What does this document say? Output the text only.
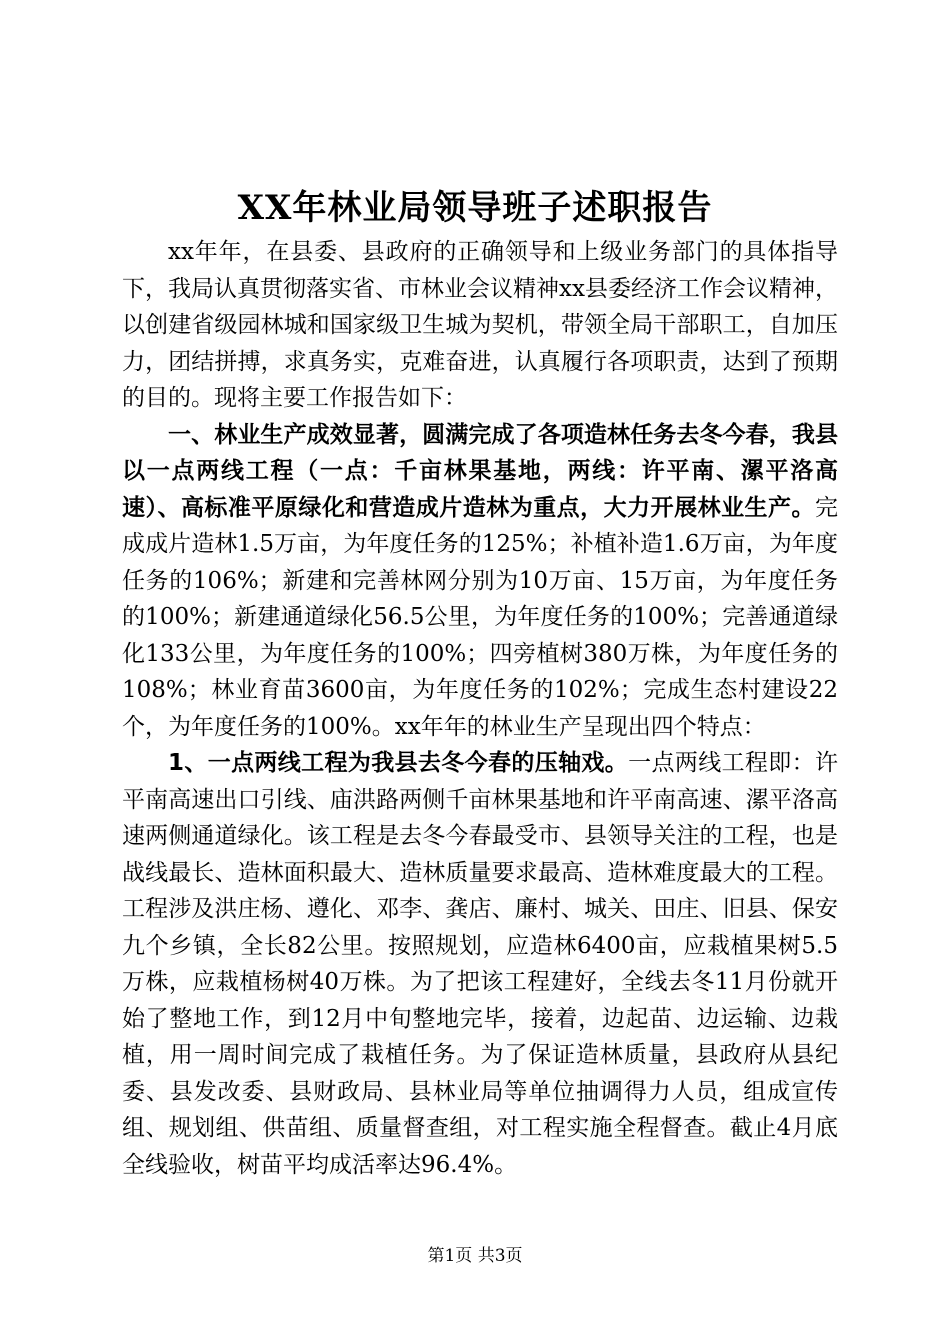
XX年林业局领导班子述职报告

xx年年，在县委、县政府的正确领导和上级业务部门的具体指导下，我局认真贯彻落实省、市林业会议精神xx县委经济工作会议精神，以创建省级园林城和国家级卫生城为契机，带领全局干部职工，自加压力，团结拼搏，求真务实，克难奋进，认真履行各项职责，达到了预期的目的。现将主要工作报告如下：

一、林业生产成效显著，圆满完成了各项造林任务去冬今春，我县以一点两线工程（一点：千亩林果基地，两线：许平南、漯平洛高速）、高标准平原绿化和营造成片造林为重点，大力开展林业生产。完成成片造林1.5万亩，为年度任务的125%；补植补造1.6万亩，为年度任务的106%；新建和完善林网分别为10万亩、15万亩，为年度任务的100%；新建通道绿化56.5公里，为年度任务的100%；完善通道绿化133公里，为年度任务的100%；四旁植树380万株，为年度任务的108%；林业育苗3600亩，为年度任务的102%；完成生态村建设22个，为年度任务的100%。xx年年的林业生产呈现出四个特点：

1、一点两线工程为我县去冬今春的压轴戏。一点两线工程即：许平南高速出口引线、庙洪路两侧千亩林果基地和许平南高速、漯平洛高速两侧通道绿化。该工程是去冬今春最受市、县领导关注的工程，也是战线最长、造林面积最大、造林质量要求最高、造林难度最大的工程。工程涉及洪庄杨、遵化、邓李、龚店、廉村、城关、田庄、旧县、保安九个乡镇，全长82公里。按照规划，应造林6400亩，应栽植果树5.5万株，应栽植杨树40万株。为了把该工程建好，全线去冬11月份就开始了整地工作，到12月中旬整地完毕，接着，边起苗、边运输、边栽植，用一周时间完成了栽植任务。为了保证造林质量，县政府从县纪委、县发改委、县财政局、县林业局等单位抽调得力人员，组成宣传组、规划组、供苗组、质量督查组，对工程实施全程督查。截止4月底全线验收，树苗平均成活率达96.4%。

第1页 共3页
